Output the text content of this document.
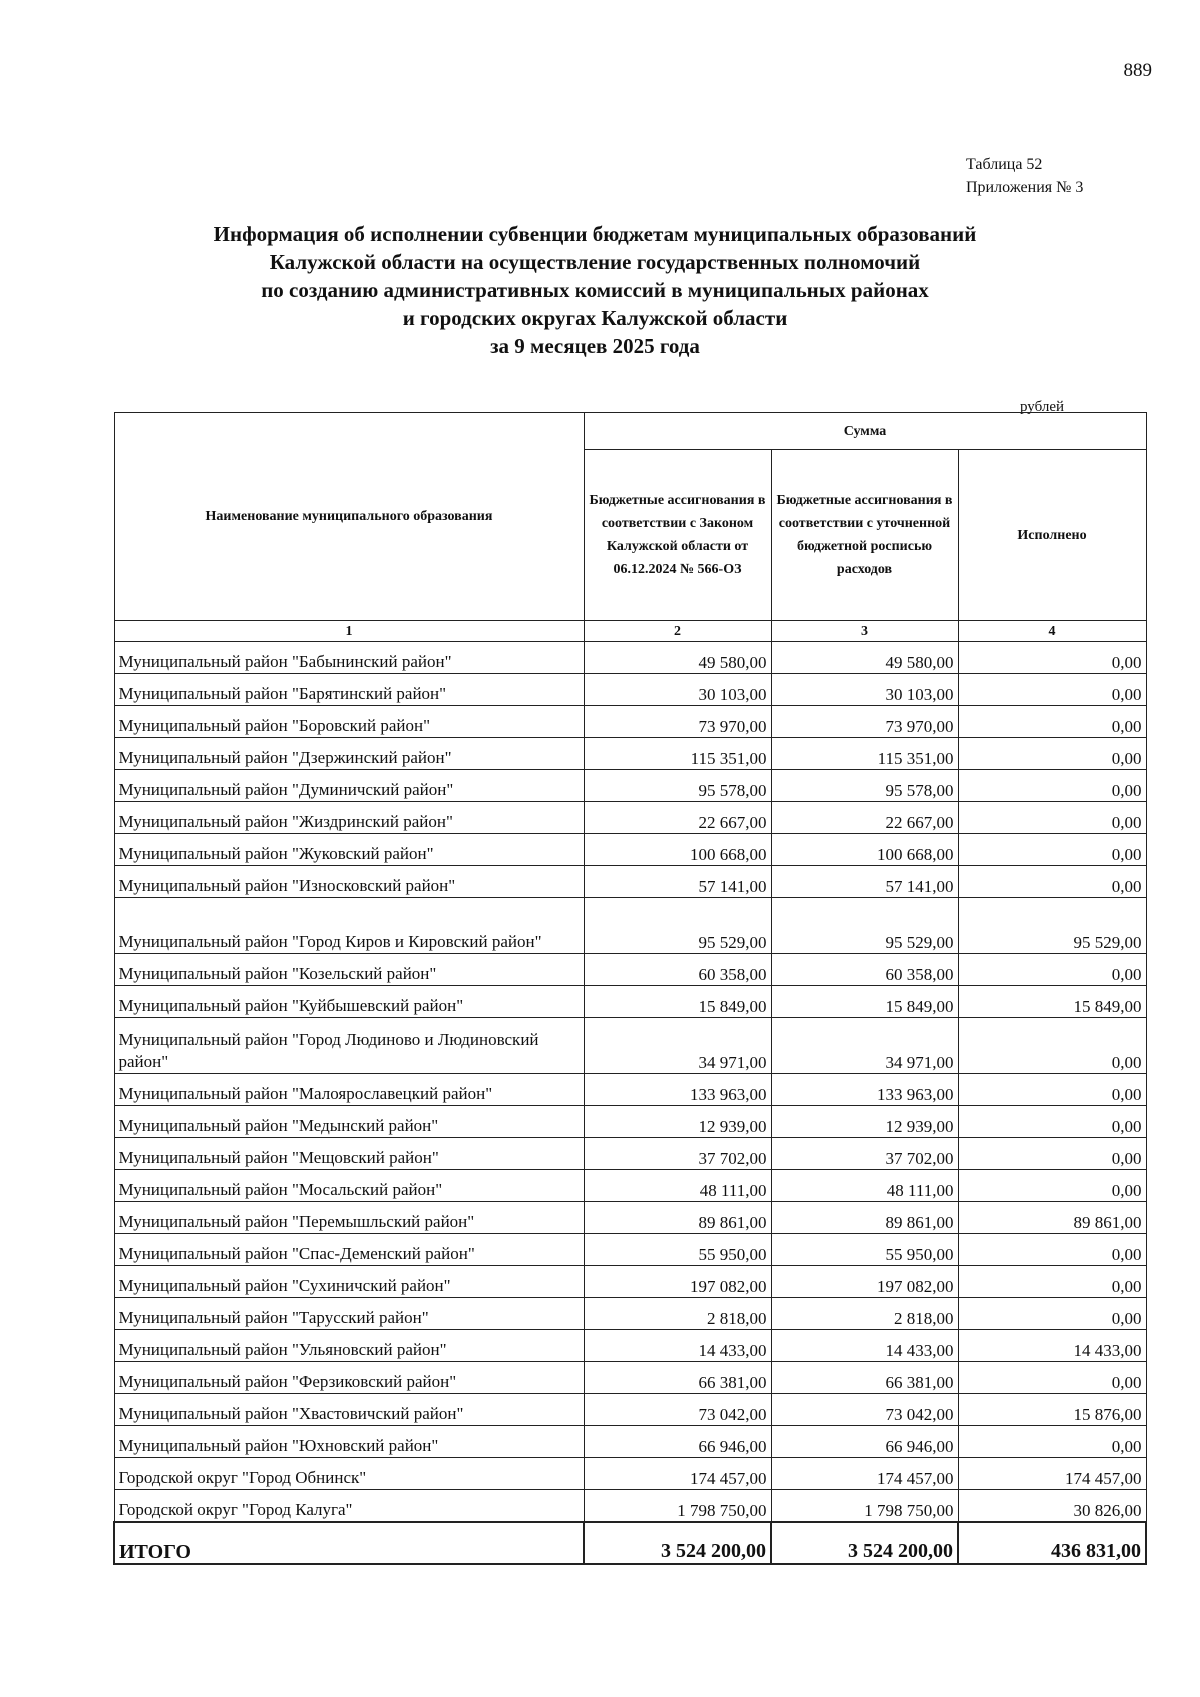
889
Таблица 52
Приложения № 3
Информация об исполнении субвенции бюджетам муниципальных образований
Калужской области на осуществление государственных полномочий
по созданию административных комиссий в муниципальных районах
и городских округах Калужской области
за 9 месяцев 2025 года
рублей
Наименование муниципального образования	Сумма		
	Бюджетные ассигнования в соответствии с Законом Калужской области от 06.12.2024 № 566-ОЗ	Бюджетные ассигнования в соответствии с уточненной бюджетной росписью расходов	Исполнено
1	2	3	4
Муниципальный район "Бабынинский район"	49 580,00	49 580,00	0,00
Муниципальный район "Барятинский район"	30 103,00	30 103,00	0,00
Муниципальный район "Боровский район"	73 970,00	73 970,00	0,00
Муниципальный район "Дзержинский район"	115 351,00	115 351,00	0,00
Муниципальный район "Думиничский район"	95 578,00	95 578,00	0,00
Муниципальный район "Жиздринский район"	22 667,00	22 667,00	0,00
Муниципальный район "Жуковский район"	100 668,00	100 668,00	0,00
Муниципальный район "Износковский район"	57 141,00	57 141,00	0,00
Муниципальный район "Город Киров и Кировский район"	95 529,00	95 529,00	95 529,00
Муниципальный район "Козельский район"	60 358,00	60 358,00	0,00
Муниципальный район "Куйбышевский район"	15 849,00	15 849,00	15 849,00
Муниципальный район "Город Людиново и Людиновский район"	34 971,00	34 971,00	0,00
Муниципальный район "Малоярославецкий район"	133 963,00	133 963,00	0,00
Муниципальный район "Медынский район"	12 939,00	12 939,00	0,00
Муниципальный район "Мещовский район"	37 702,00	37 702,00	0,00
Муниципальный район "Мосальский район"	48 111,00	48 111,00	0,00
Муниципальный район "Перемышльский район"	89 861,00	89 861,00	89 861,00
Муниципальный район "Спас-Деменский район"	55 950,00	55 950,00	0,00
Муниципальный район "Сухиничский район"	197 082,00	197 082,00	0,00
Муниципальный район "Тарусский район"	2 818,00	2 818,00	0,00
Муниципальный район "Ульяновский район"	14 433,00	14 433,00	14 433,00
Муниципальный район "Ферзиковский район"	66 381,00	66 381,00	0,00
Муниципальный район "Хвастовичский район"	73 042,00	73 042,00	15 876,00
Муниципальный район "Юхновский район"	66 946,00	66 946,00	0,00
Городской округ "Город Обнинск"	174 457,00	174 457,00	174 457,00
Городской округ "Город Калуга"	1 798 750,00	1 798 750,00	30 826,00
ИТОГО	3 524 200,00	3 524 200,00	436 831,00
